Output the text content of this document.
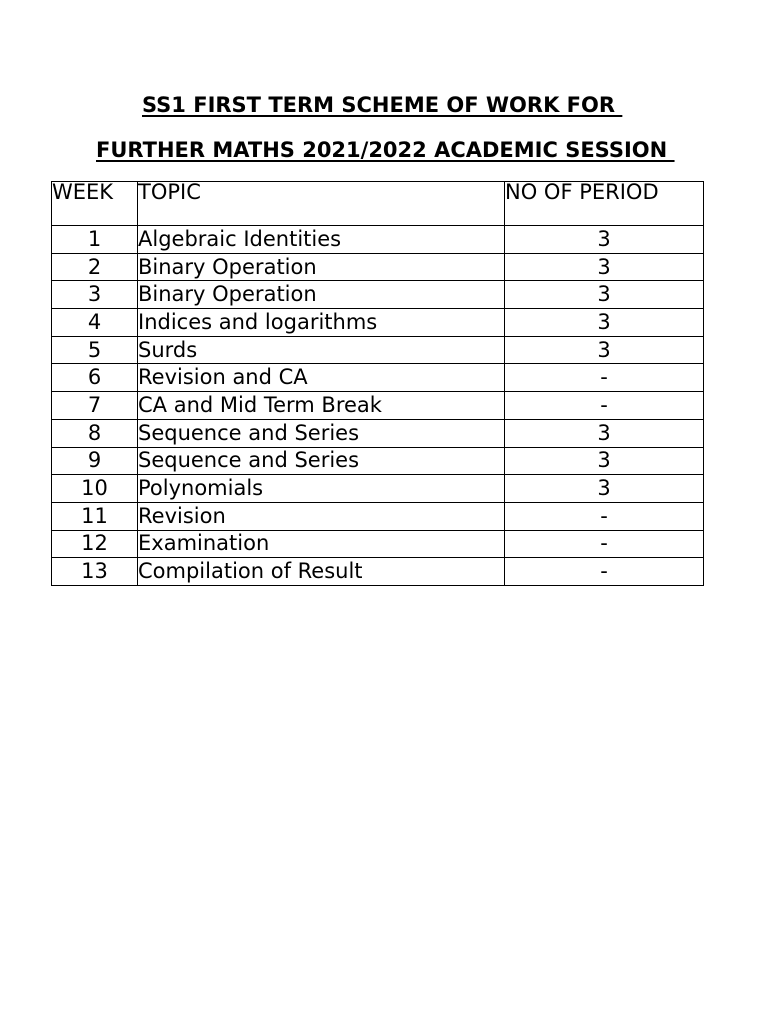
SS1 FIRST TERM SCHEME OF WORK FOR
FURTHER MATHS 2021/2022 ACADEMIC SESSION
WEEK	TOPIC	NO OF PERIOD
1	Algebraic Identities	3
2	Binary Operation	3
3	Binary Operation	3
4	Indices and logarithms	3
5	Surds	3
6	Revision and CA	-
7	CA and Mid Term Break	-
8	Sequence and Series	3
9	Sequence and Series	3
10	Polynomials	3
11	Revision	-
12	Examination	-
13	Compilation of Result	-
